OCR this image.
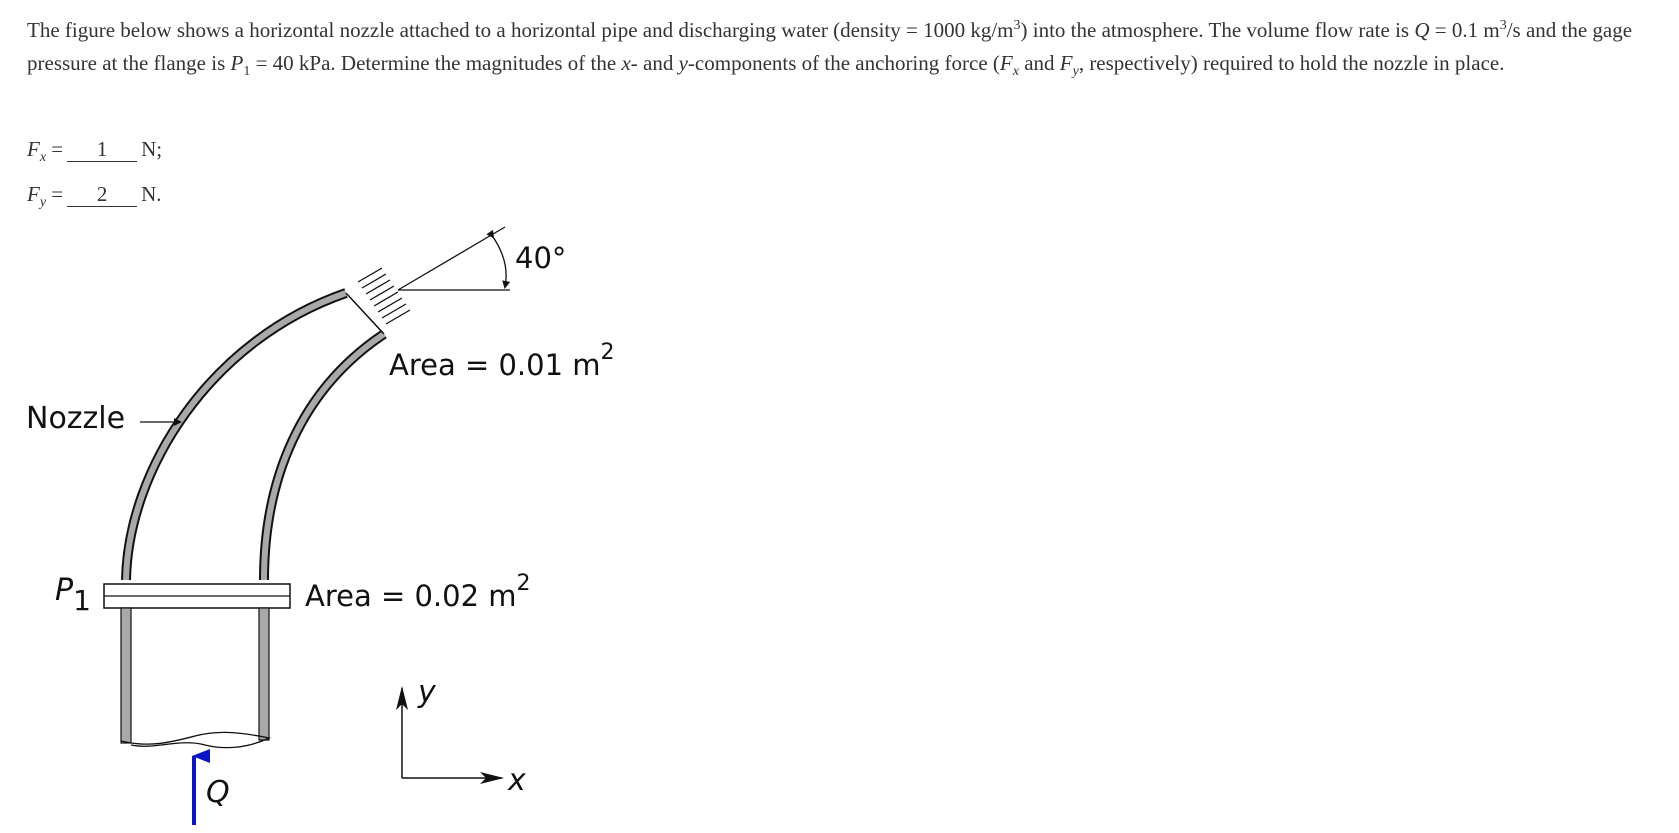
The figure below shows a horizontal nozzle attached to a horizontal pipe and discharging water (density = 1000 $kg/m^3$) into the atmosphere. The volume flow rate is Q = 0.1 $m^3/s$ and the gage pressure at the flange is $P_1 = 40$ kPa. Determine the magnitudes of the x- and y-components of the anchoring force ($F_x$ and $F_y$, respectively) required to hold the nozzle in place.

$F_x = 1$ N;
$F_y = 2$ N.
40°
Area = 0.01 $m^2$
Nozzle
P1	Area = 0.02 $m^2$
y
x
Q
